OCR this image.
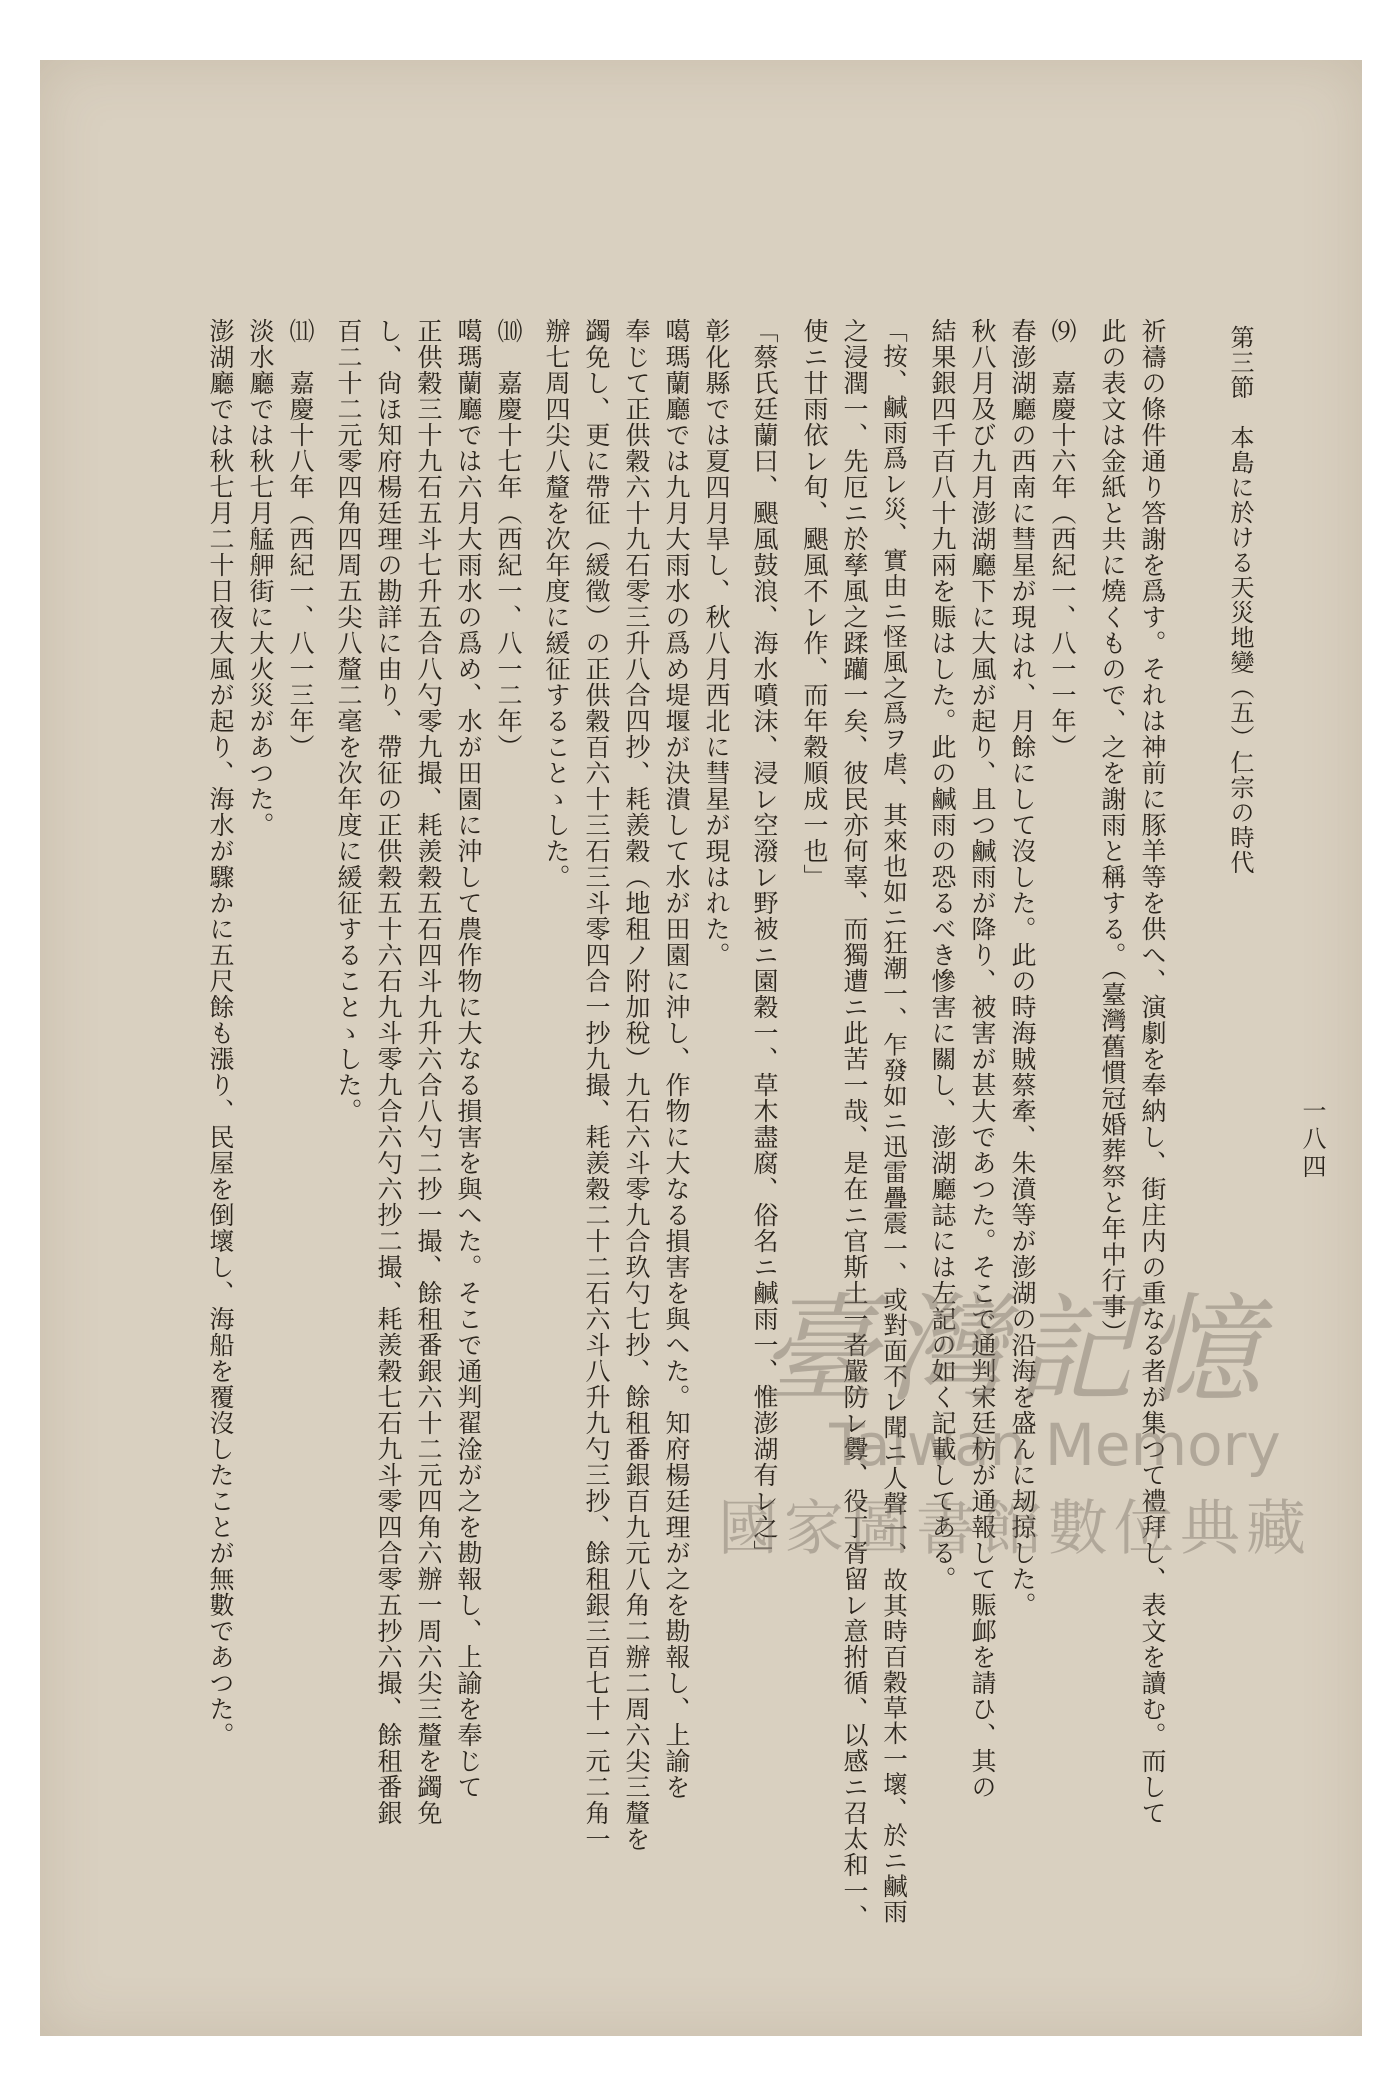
一八四
第三節　本島に於ける天災地變（五）仁宗の時代
祈禱の條件通り答謝を爲す。それは神前に豚羊等を供へ、演劇を奉納し、街庄内の重なる者が集つて禮拜し、表文を讀む。而して
此の表文は金紙と共に燒くもので、之を謝雨と稱する。（臺灣舊慣冠婚葬祭と年中行事）
⑼　嘉慶十六年（西紀一、八一一年）
春澎湖廳の西南に彗星が現はれ、月餘にして沒した。此の時海賊蔡牽、朱濆等が澎湖の沿海を盛んに刼掠した。
秋八月及び九月澎湖廳下に大風が起り、且つ鹹雨が降り、被害が甚大であつた。そこで通判宋廷枋が通報して賑䘏を請ひ、其の
結果銀四千百八十九兩を賑はした。此の鹹雨の恐るべき慘害に關し、澎湖廳誌には左記の如く記載してある。
「按、鹹雨爲レ災、實由ニ怪風之爲ヲ虐、其來也如ニ狂潮一、乍發如ニ迅雷疊震一、或對面不レ聞ニ人聲一、故其時百穀草木一壞、於ニ鹹雨
之浸潤一、先厄ニ於孳風之蹂躪一矣、彼民亦何辜、而獨遭ニ此苦一哉、是在ニ官斯土一者嚴防レ釁、役丁胥留レ意拊循、以感ニ召太和一、
使ニ廿雨依レ旬、颶風不レ作、而年穀順成一也」
「蔡氏廷蘭曰、颶風鼓浪、海水噴沫、浸レ空潑レ野被ニ園穀一、草木盡腐、俗名ニ鹹雨一、惟澎湖有レ之」
彰化縣では夏四月旱し、秋八月西北に彗星が現はれた。
噶瑪蘭廳では九月大雨水の爲め堤堰が決潰して水が田園に沖し、作物に大なる損害を與へた。知府楊廷理が之を勘報し、上諭を
奉じて正供穀六十九石零三升八合四抄、耗羨穀（地租ノ附加稅）九石六斗零九合玖勺七抄、餘租番銀百九元八角二辦二周六尖三釐を
蠲免し、更に帶征（緩徵）の正供穀百六十三石三斗零四合一抄九撮、耗羨穀二十二石六斗八升九勺三抄、餘租銀三百七十一元二角一
辦七周四尖八釐を次年度に緩征することゝした。
⑽　嘉慶十七年（西紀一、八一二年）
噶瑪蘭廳では六月大雨水の爲め、水が田園に沖して農作物に大なる損害を與へた。そこで通判翟淦が之を勘報し、上諭を奉じて
正供穀三十九石五斗七升五合八勺零九撮、耗羨穀五石四斗九升六合八勺二抄一撮、餘租番銀六十二元四角六辦一周六尖三釐を蠲免
し、尙ほ知府楊廷理の勘詳に由り、帶征の正供穀五十六石九斗零九合六勺六抄二撮、耗羨穀七石九斗零四合零五抄六撮、餘租番銀
百二十二元零四角四周五尖八釐二毫を次年度に緩征することゝした。
⑾　嘉慶十八年（西紀一、八一三年）
淡水廳では秋七月艋舺街に大火災があつた。
澎湖廳では秋七月二十日夜大風が起り、海水が驟かに五尺餘も漲り、民屋を倒壞し、海船を覆沒したことが無數であつた。	臺灣記憶
Taiwan Memory
國家圖書館數位典藏
